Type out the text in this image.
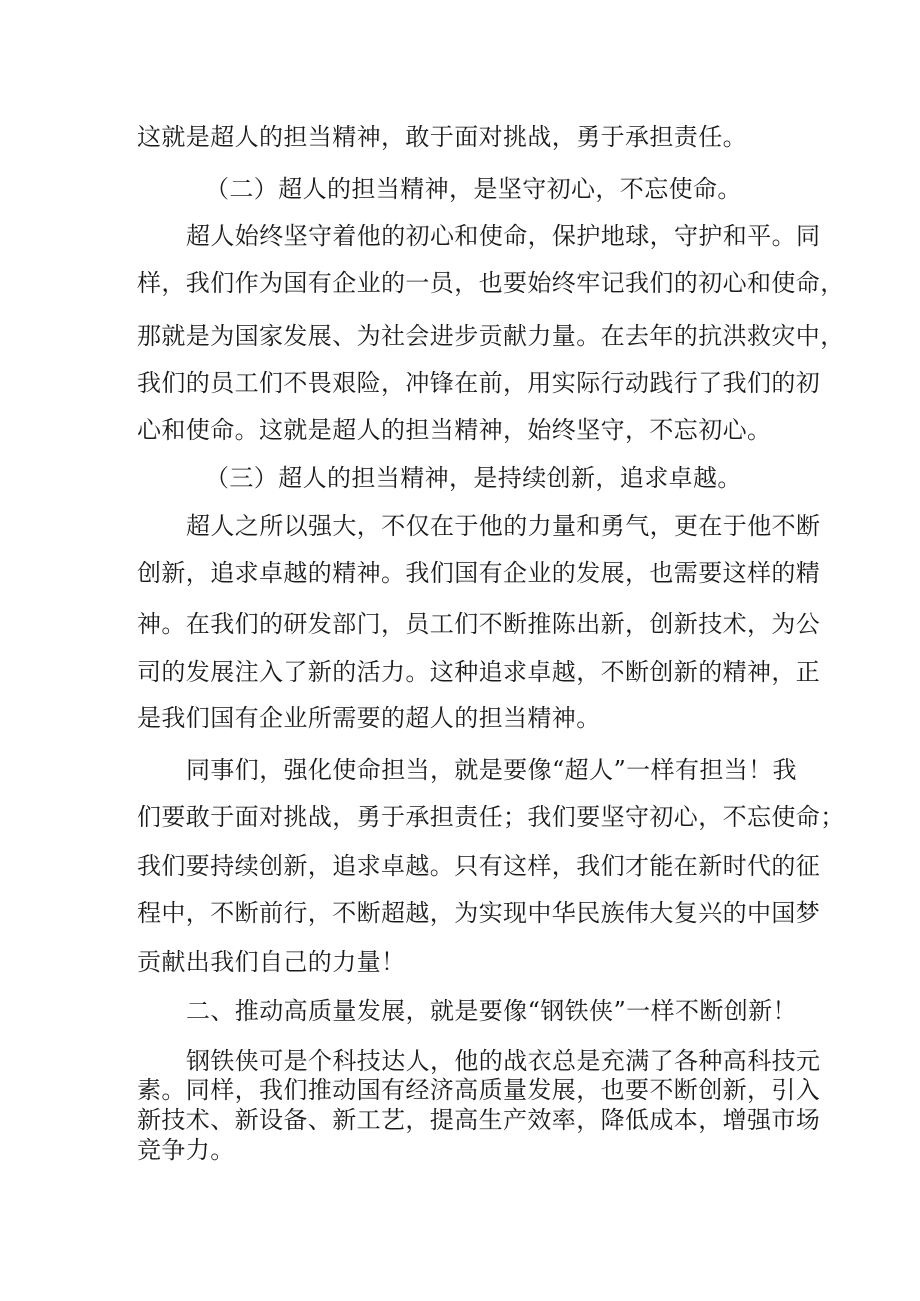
这就是超人的担当精神，敢于面对挑战，勇于承担责任。
（二）超人的担当精神，是坚守初心，不忘使命。
超人始终坚守着他的初心和使命，保护地球，守护和平。同
样，我们作为国有企业的一员，也要始终牢记我们的初心和使命，
那就是为国家发展、为社会进步贡献力量。在去年的抗洪救灾中，
我们的员工们不畏艰险，冲锋在前，用实际行动践行了我们的初
心和使命。这就是超人的担当精神，始终坚守，不忘初心。
（三）超人的担当精神，是持续创新，追求卓越。
超人之所以强大，不仅在于他的力量和勇气，更在于他不断
创新，追求卓越的精神。我们国有企业的发展，也需要这样的精
神。在我们的研发部门，员工们不断推陈出新，创新技术，为公
司的发展注入了新的活力。这种追求卓越，不断创新的精神，正
是我们国有企业所需要的超人的担当精神。
同事们，强化使命担当，就是要像“超人”一样有担当！我
们要敢于面对挑战，勇于承担责任；我们要坚守初心，不忘使命；
我们要持续创新，追求卓越。只有这样，我们才能在新时代的征
程中，不断前行，不断超越，为实现中华民族伟大复兴的中国梦
贡献出我们自己的力量！
二、推动高质量发展，就是要像“钢铁侠”一样不断创新！
钢铁侠可是个科技达人，他的战衣总是充满了各种高科技元
素。同样，我们推动国有经济高质量发展，也要不断创新，引入
新技术、新设备、新工艺，提高生产效率，降低成本，增强市场
竞争力。
